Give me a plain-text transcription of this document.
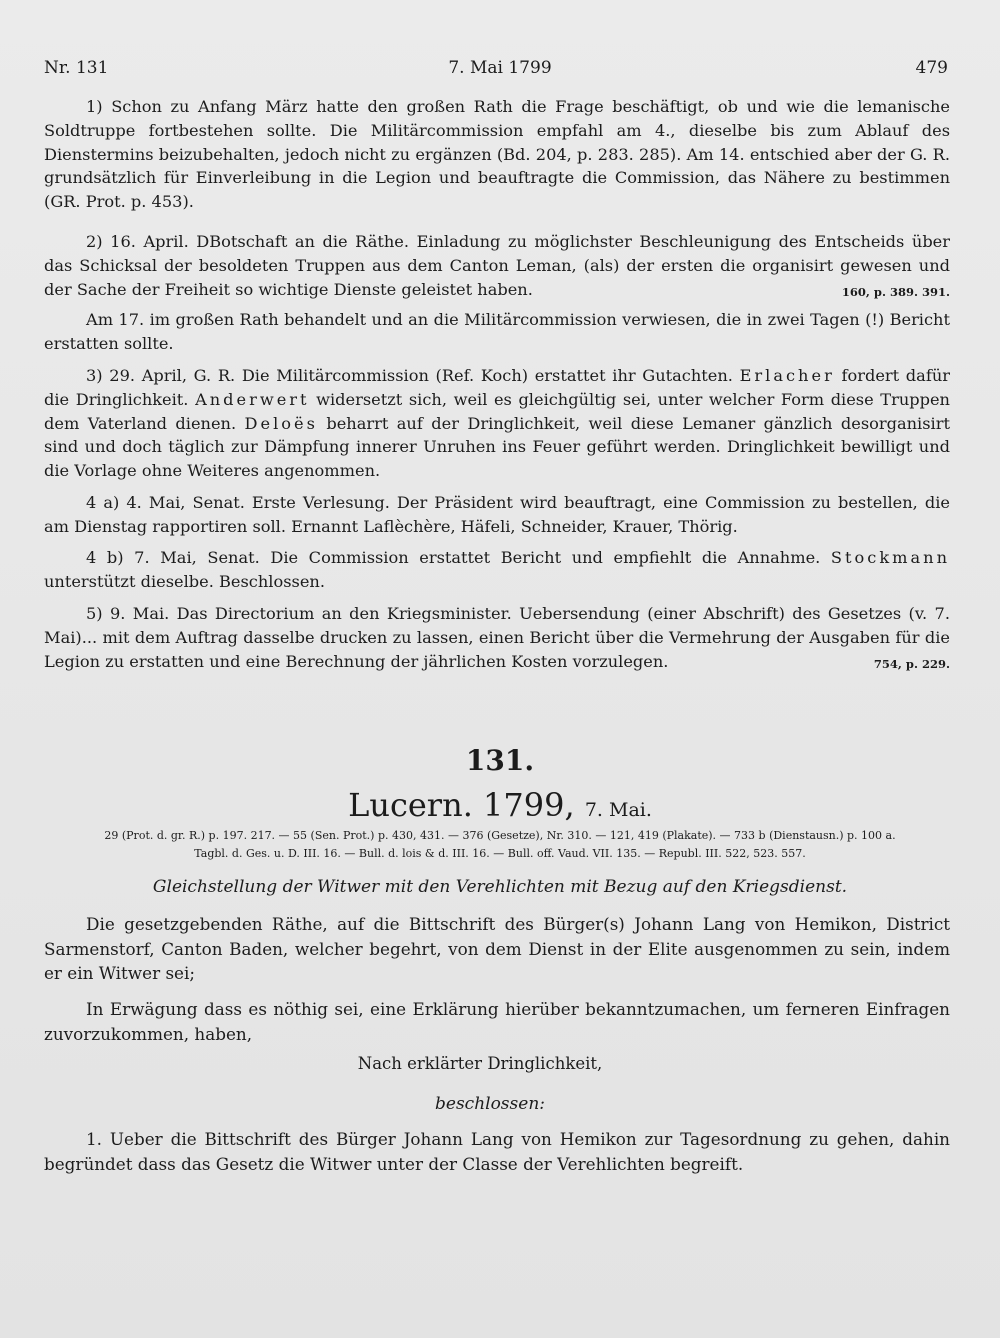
Nr. 131	7. Mai 1799	479
1) Schon zu Anfang März hatte den großen Rath die Frage beschäftigt, ob und wie die lemanische Soldtruppe fortbestehen sollte. Die Militärcommission empfahl am 4., dieselbe bis zum Ablauf des Dienstermins beizubehalten, jedoch nicht zu ergänzen (Bd. 204, p. 283. 285). Am 14. entschied aber der G. R. grundsätzlich für Einverleibung in die Legion und beauftragte die Commission, das Nähere zu bestimmen (GR. Prot. p. 453).
2) 16. April. DBotschaft an die Räthe. Einladung zu möglichster Beschleunigung des Entscheids über das Schicksal der besoldeten Truppen aus dem Canton Leman, (als) der ersten die organisirt gewesen und der Sache der Freiheit so wichtige Dienste geleistet haben.	160, p. 389. 391.
Am 17. im großen Rath behandelt und an die Militärcommission verwiesen, die in zwei Tagen (!) Bericht erstatten sollte.
3) 29. April, G. R. Die Militärcommission (Ref. Koch) erstattet ihr Gutachten. Erlacher fordert dafür die Dringlichkeit. Anderwert widersetzt sich, weil es gleichgültig sei, unter welcher Form diese Truppen dem Vaterland dienen. Deloës beharrt auf der Dringlichkeit, weil diese Lemaner gänzlich desorganisirt sind und doch täglich zur Dämpfung innerer Unruhen ins Feuer geführt werden. Dringlichkeit bewilligt und die Vorlage ohne Weiteres angenommen.
4 a) 4. Mai, Senat. Erste Verlesung. Der Präsident wird beauftragt, eine Commission zu bestellen, die am Dienstag rapportiren soll. Ernannt Laflèchère, Häfeli, Schneider, Krauer, Thörig.
4 b) 7. Mai, Senat. Die Commission erstattet Bericht und empfiehlt die Annahme. Stockmann unterstützt dieselbe. Beschlossen.
5) 9. Mai. Das Directorium an den Kriegsminister. Uebersendung (einer Abschrift) des Gesetzes (v. 7. Mai)... mit dem Auftrag dasselbe drucken zu lassen, einen Bericht über die Vermehrung der Ausgaben für die Legion zu erstatten und eine Berechnung der jährlichen Kosten vorzulegen.	754, p. 229.
131.
Lucern. 1799, 7. Mai.
29 (Prot. d. gr. R.) p. 197. 217. — 55 (Sen. Prot.) p. 430, 431. — 376 (Gesetze), Nr. 310. — 121, 419 (Plakate). — 733 b (Dienstausn.) p. 100 a.
Tagbl. d. Ges. u. D. III. 16. — Bull. d. lois & d. III. 16. — Bull. off. Vaud. VII. 135. — Republ. III. 522, 523. 557.
Gleichstellung der Witwer mit den Verehlichten mit Bezug auf den Kriegsdienst.
Die gesetzgebenden Räthe, auf die Bittschrift des Bürger(s) Johann Lang von Hemikon, District Sarmenstorf, Canton Baden, welcher begehrt, von dem Dienst in der Elite ausgenommen zu sein, indem er ein Witwer sei;
In Erwägung dass es nöthig sei, eine Erklärung hierüber bekanntzumachen, um ferneren Einfragen zuvorzukommen, haben,
Nach erklärter Dringlichkeit,
beschlossen:
1. Ueber die Bittschrift des Bürger Johann Lang von Hemikon zur Tagesordnung zu gehen, dahin begründet dass das Gesetz die Witwer unter der Classe der Verehlichten begreift.
